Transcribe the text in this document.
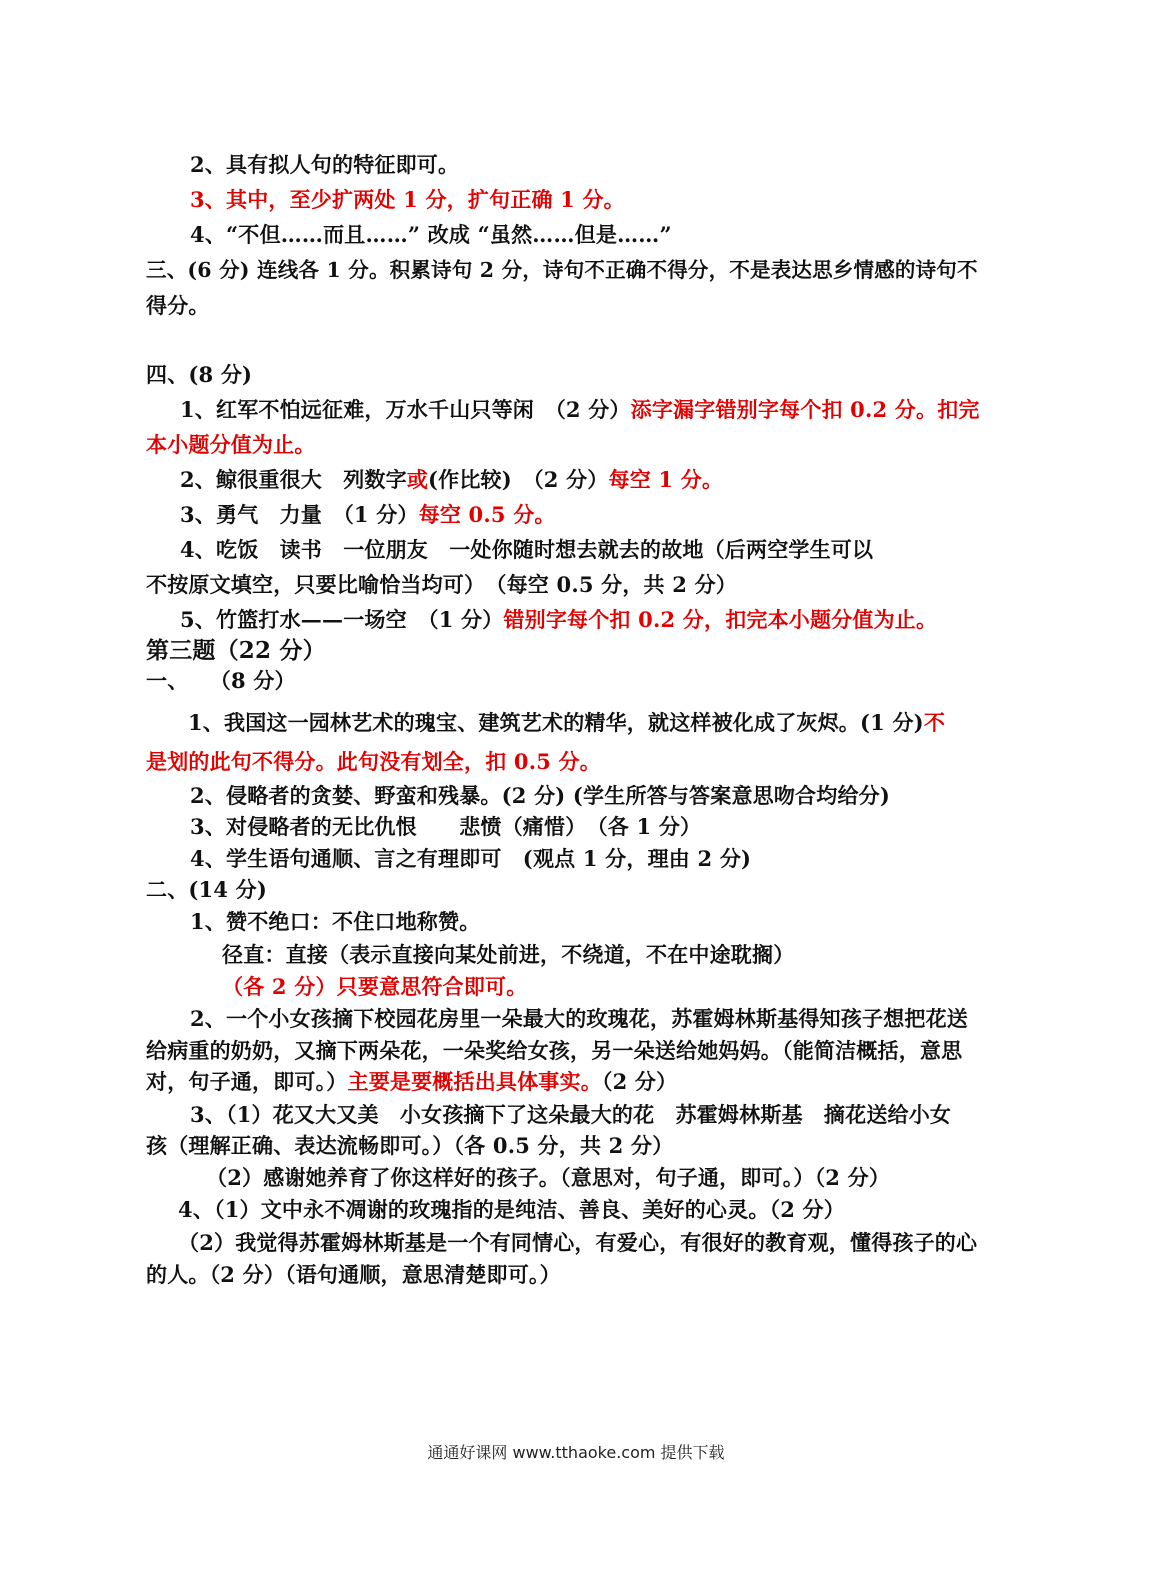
2、具有拟人句的特征即可。
3、其中，至少扩两处 1 分，扩句正确 1 分。
4、“不但……而且……” 改成 “虽然……但是……”
三、(6 分) 连线各 1 分。积累诗句 2 分，诗句不正确不得分，不是表达思乡情感的诗句不
得分。
四、(8 分)
1、红军不怕远征难，万水千山只等闲　（2 分）添字漏字错别字每个扣 0.2 分。扣完
本小题分值为止。
2、鲸很重很大　列数字或(作比较)　（2 分）每空 1 分。
3、勇气　力量　（1 分）每空 0.5 分。
4、吃饭　读书　一位朋友　一处你随时想去就去的故地（后两空学生可以
不按原文填空，只要比喻恰当均可）　（每空 0.5 分，共 2 分）
5、竹篮打水——一场空　（1 分）错别字每个扣 0.2 分，扣完本小题分值为止。
第三题（22 分）
一、　　（8 分）
1、我国这一园林艺术的瑰宝、建筑艺术的精华，就这样被化成了灰烬。(1 分)不
是划的此句不得分。此句没有划全，扣 0.5 分。
2、侵略者的贪婪、野蛮和残暴。(2 分) (学生所答与答案意思吻合均给分)
3、对侵略者的无比仇恨　　悲愤（痛惜）　（各 1 分）
4、学生语句通顺、言之有理即可　(观点 1 分，理由 2 分)
二、(14 分)
1、赞不绝口：不住口地称赞。
径直：直接（表示直接向某处前进，不绕道，不在中途耽搁）
（各 2 分）只要意思符合即可。
2、一个小女孩摘下校园花房里一朵最大的玫瑰花，苏霍姆林斯基得知孩子想把花送
给病重的奶奶，又摘下两朵花，一朵奖给女孩，另一朵送给她妈妈。（能简洁概括，意思
对，句子通，即可。）主要是要概括出具体事实。（2 分）
3、（1）花又大又美　小女孩摘下了这朵最大的花　苏霍姆林斯基　摘花送给小女
孩（理解正确、表达流畅即可。）（各 0.5 分，共 2 分）
（2）感谢她养育了你这样好的孩子。（意思对，句子通，即可。）（2 分）
4、（1）文中永不凋谢的玫瑰指的是纯洁、善良、美好的心灵。（2 分）
（2）我觉得苏霍姆林斯基是一个有同情心，有爱心，有很好的教育观，懂得孩子的心
的人。（2 分）（语句通顺，意思清楚即可。）
通通好课网 www.tthaoke.com 提供下载
